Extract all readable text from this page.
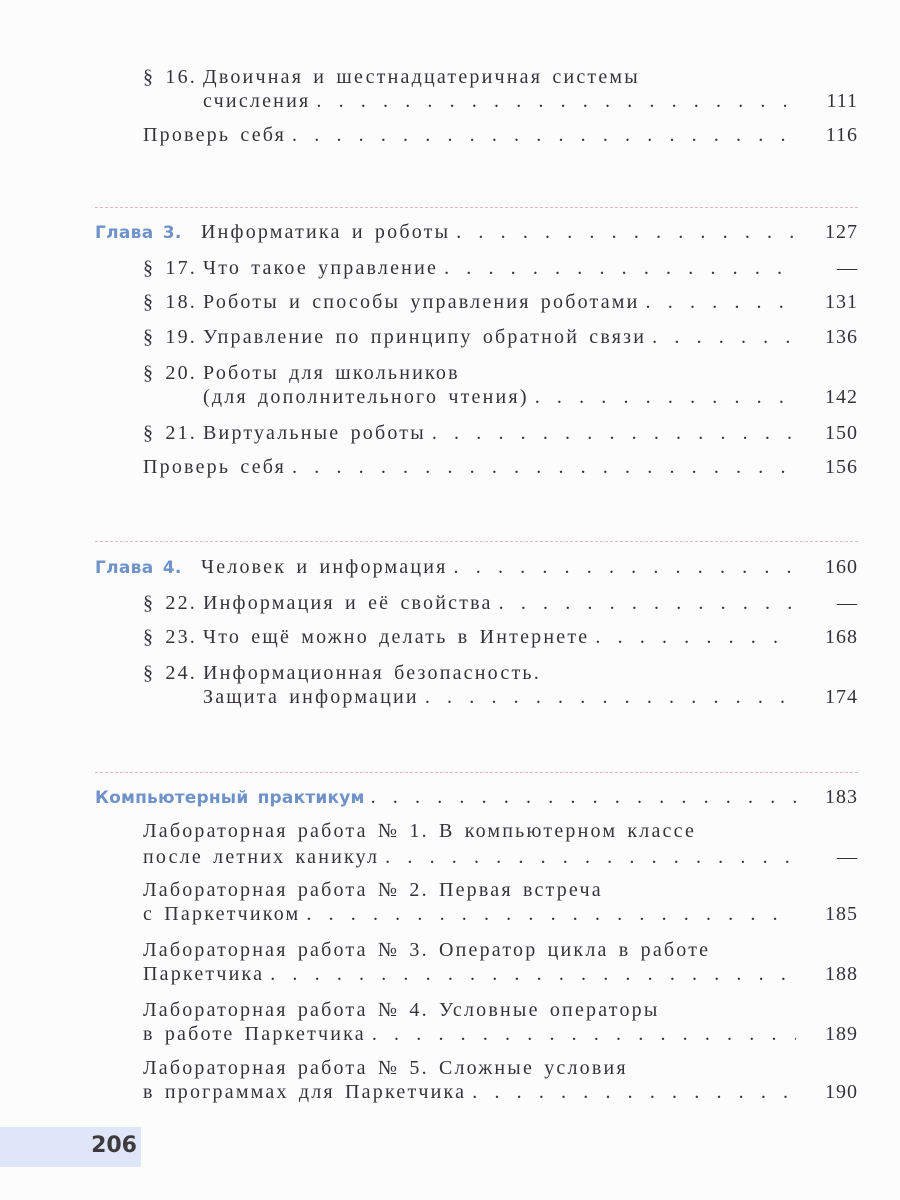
§ 16. Двоичная и шестнадцатеричная системы
счисления . . .	111
Проверь себя . . .	116
Глава 3. Информатика и роботы . . .	127
§ 17. Что такое управление . . .	—
§ 18. Роботы и способы управления роботами . . .	131
§ 19. Управление по принципу обратной связи . . .	136
§ 20. Роботы для школьников
(для дополнительного чтения) . . .	142
§ 21. Виртуальные роботы . . .	150
Проверь себя . . .	156
Глава 4. Человек и информация . . .	160
§ 22. Информация и её свойства . . .	—
§ 23. Что ещё можно делать в Интернете . . .	168
§ 24. Информационная безопасность.
Защита информации . . .	174
Компьютерный практикум . . .	183
Лабораторная работа № 1. В компьютерном классе
после летних каникул . . .	—
Лабораторная работа № 2. Первая встреча
с Паркетчиком . . .	185
Лабораторная работа № 3. Оператор цикла в работе
Паркетчика . . .	188
Лабораторная работа № 4. Условные операторы
в работе Паркетчика . . .	189
Лабораторная работа № 5. Сложные условия
в программах для Паркетчика . . .	190
206
